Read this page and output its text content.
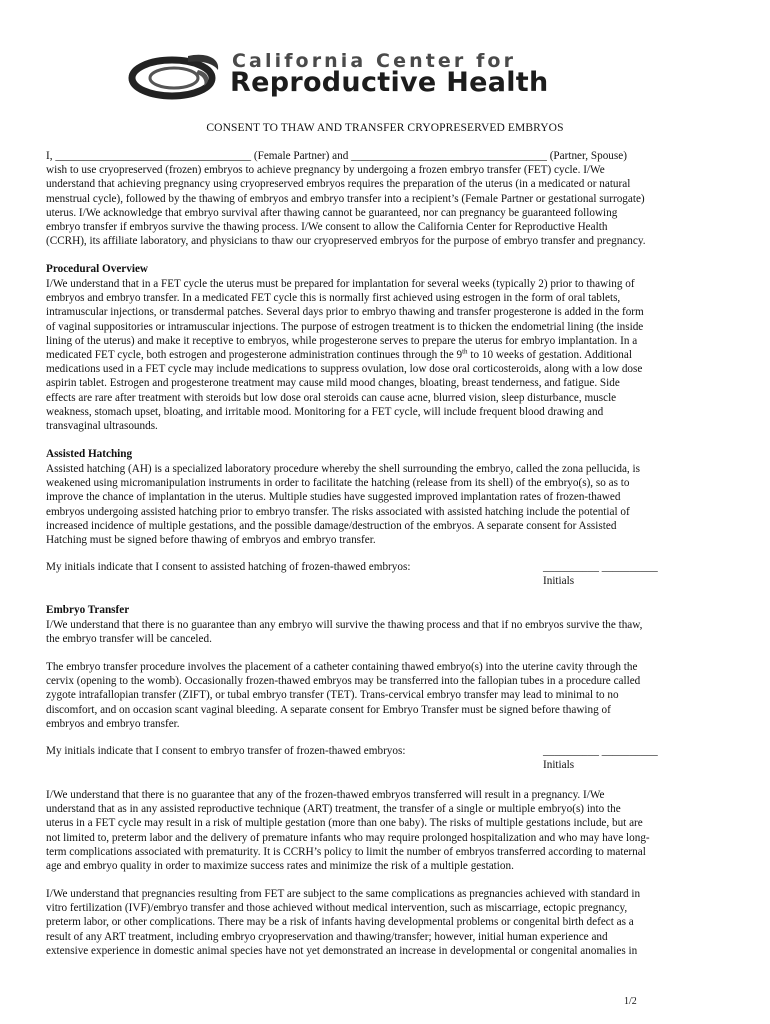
California Center for
Reproductive Health
CONSENT TO THAW AND TRANSFER CRYOPRESERVED EMBRYOS
I, ___________________________________ (Female Partner) and ___________________________________ (Partner, Spouse)
wish to use cryopreserved (frozen) embryos to achieve pregnancy by undergoing a frozen embryo transfer (FET) cycle. I/We
understand that achieving pregnancy using cryopreserved embryos requires the preparation of the uterus (in a medicated or natural
menstrual cycle), followed by the thawing of embryos and embryo transfer into a recipient’s (Female Partner or gestational surrogate)
uterus. I/We acknowledge that embryo survival after thawing cannot be guaranteed, nor can pregnancy be guaranteed following
embryo transfer if embryos survive the thawing process. I/We consent to allow the California Center for Reproductive Health
(CCRH), its affiliate laboratory, and physicians to thaw our cryopreserved embryos for the purpose of embryo transfer and pregnancy.
Procedural Overview
I/We understand that in a FET cycle the uterus must be prepared for implantation for several weeks (typically 2) prior to thawing of
embryos and embryo transfer. In a medicated FET cycle this is normally first achieved using estrogen in the form of oral tablets,
intramuscular injections, or transdermal patches. Several days prior to embryo thawing and transfer progesterone is added in the form
of vaginal suppositories or intramuscular injections. The purpose of estrogen treatment is to thicken the endometrial lining (the inside
lining of the uterus) and make it receptive to embryos, while progesterone serves to prepare the uterus for embryo implantation. In a
medicated FET cycle, both estrogen and progesterone administration continues through the 9th to 10 weeks of gestation. Additional
medications used in a FET cycle may include medications to suppress ovulation, low dose oral corticosteroids, along with a low dose
aspirin tablet. Estrogen and progesterone treatment may cause mild mood changes, bloating, breast tenderness, and fatigue. Side
effects are rare after treatment with steroids but low dose oral steroids can cause acne, blurred vision, sleep disturbance, muscle
weakness, stomach upset, bloating, and irritable mood. Monitoring for a FET cycle, will include frequent blood drawing and
transvaginal ultrasounds.
Assisted Hatching
Assisted hatching (AH) is a specialized laboratory procedure whereby the shell surrounding the embryo, called the zona pellucida, is
weakened using micromanipulation instruments in order to facilitate the hatching (release from its shell) of the embryo(s), so as to
improve the chance of implantation in the uterus. Multiple studies have suggested improved implantation rates of frozen-thawed
embryos undergoing assisted hatching prior to embryo transfer. The risks associated with assisted hatching include the potential of
increased incidence of multiple gestations, and the possible damage/destruction of the embryos. A separate consent for Assisted
Hatching must be signed before thawing of embryos and embryo transfer.
My initials indicate that I consent to assisted hatching of frozen-thawed embryos:	__________ __________
Initials
Embryo Transfer
I/We understand that there is no guarantee than any embryo will survive the thawing process and that if no embryos survive the thaw,
the embryo transfer will be canceled.
The embryo transfer procedure involves the placement of a catheter containing thawed embryo(s) into the uterine cavity through the
cervix (opening to the womb). Occasionally frozen-thawed embryos may be transferred into the fallopian tubes in a procedure called
zygote intrafallopian transfer (ZIFT), or tubal embryo transfer (TET). Trans-cervical embryo transfer may lead to minimal to no
discomfort, and on occasion scant vaginal bleeding. A separate consent for Embryo Transfer must be signed before thawing of
embryos and embryo transfer.
My initials indicate that I consent to embryo transfer of frozen-thawed embryos:	__________ __________
Initials
I/We understand that there is no guarantee that any of the frozen-thawed embryos transferred will result in a pregnancy. I/We
understand that as in any assisted reproductive technique (ART) treatment, the transfer of a single or multiple embryo(s) into the
uterus in a FET cycle may result in a risk of multiple gestation (more than one baby). The risks of multiple gestations include, but are
not limited to, preterm labor and the delivery of premature infants who may require prolonged hospitalization and who may have long-
term complications associated with prematurity. It is CCRH’s policy to limit the number of embryos transferred according to maternal
age and embryo quality in order to maximize success rates and minimize the risk of a multiple gestation.
I/We understand that pregnancies resulting from FET are subject to the same complications as pregnancies achieved with standard in
vitro fertilization (IVF)/embryo transfer and those achieved without medical intervention, such as miscarriage, ectopic pregnancy,
preterm labor, or other complications. There may be a risk of infants having developmental problems or congenital birth defect as a
result of any ART treatment, including embryo cryopreservation and thawing/transfer; however, initial human experience and
extensive experience in domestic animal species have not yet demonstrated an increase in developmental or congenital anomalies in
1/2
